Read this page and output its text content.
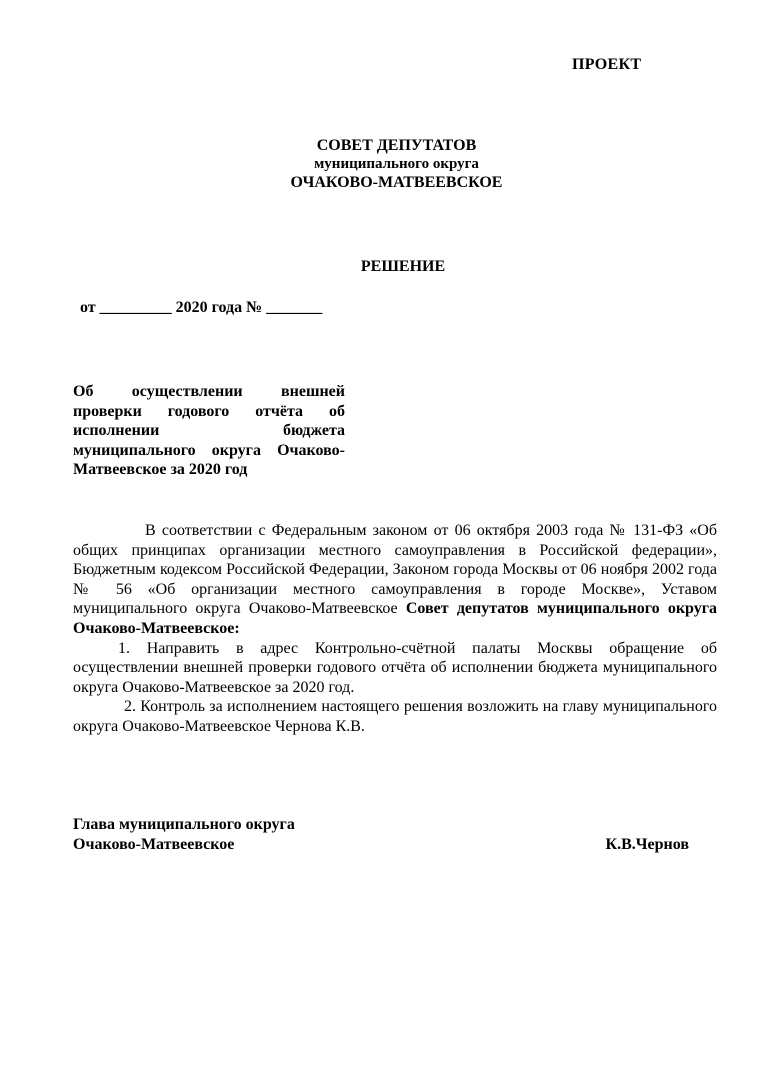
ПРОЕКТ
СОВЕТ ДЕПУТАТОВ
муниципального округа
ОЧАКОВО-МАТВЕЕВСКОЕ
РЕШЕНИЕ
от _________ 2020 года № _______
Об осуществлении внешней проверки годового отчёта об исполнении бюджета муниципального округа Очаково-Матвеевское за 2020 год

В соответствии с Федеральным законом от 06 октября 2003 года № 131-ФЗ «Об общих принципах организации местного самоуправления в Российской федерации», Бюджетным кодексом Российской Федерации, Законом города Москвы от 06 ноября 2002 года № 56 «Об организации местного самоуправления в городе Москве», Уставом муниципального округа Очаково-Матвеевское Совет депутатов муниципального округа Очаково-Матвеевское:

1. Направить в адрес Контрольно-счётной палаты Москвы обращение об осуществлении внешней проверки годового отчёта об исполнении бюджета муниципального округа Очаково-Матвеевское за 2020 год.

2. Контроль за исполнением настоящего решения возложить на главу муниципального округа Очаково-Матвеевское Чернова К.В.

Глава муниципального округа
Очаково-Матвеевское	К.В.Чернов
